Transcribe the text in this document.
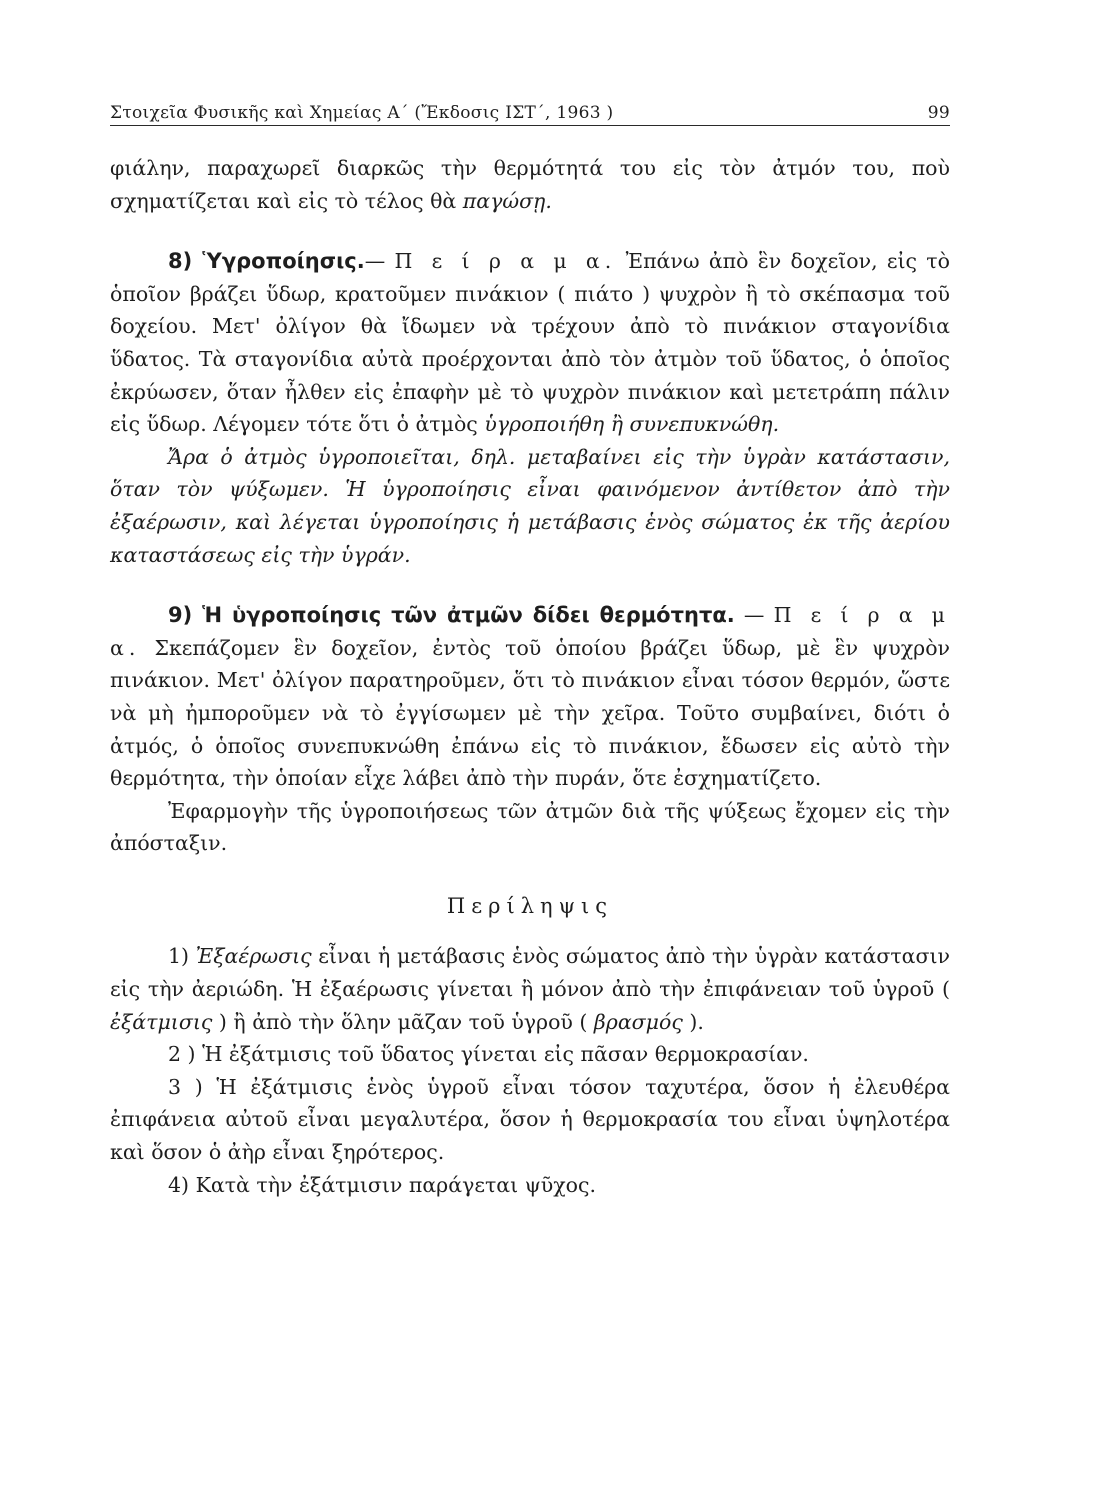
Στοιχεῖα Φυσικῆς καὶ Χημείας Α΄ (Ἔκδοσις ΙΣΤ΄, 1963 )	99

φιάλην, παραχωρεῖ διαρκῶς τὴν θερμότητά του εἰς τὸν ἀτμόν του, ποὺ σχηματίζεται καὶ εἰς τὸ τέλος θὰ παγώσῃ.

8) Ὑγροποίησις.— Π ε ί ρ α μ α. Ἐπάνω ἀπὸ ἓν δοχεῖον, εἰς τὸ ὁποῖον βράζει ὕδωρ, κρατοῦμεν πινάκιον ( πιάτο ) ψυχρὸν ἢ τὸ σκέπασμα τοῦ δοχείου. Μετ' ὀλίγον θὰ ἴδωμεν νὰ τρέχουν ἀπὸ τὸ πινάκιον σταγονίδια ὕδατος. Τὰ σταγονίδια αὐτὰ προέρχονται ἀπὸ τὸν ἀτμὸν τοῦ ὕδατος, ὁ ὁποῖος ἐκρύωσεν, ὅταν ἦλθεν εἰς ἐπαφὴν μὲ τὸ ψυχρὸν πινάκιον καὶ μετετράπη πάλιν εἰς ὕδωρ. Λέγομεν τότε ὅτι ὁ ἀτμὸς ὑγροποιήθη ἢ συνεπυκνώθη.

Ἄρα ὁ ἀτμὸς ὑγροποιεῖται, δηλ. μεταβαίνει εἰς τὴν ὑγρὰν κατάστασιν, ὅταν τὸν ψύξωμεν. Ἡ ὑγροποίησις εἶναι φαινόμενον ἀντίθετον ἀπὸ τὴν ἐξαέρωσιν, καὶ λέγεται ὑγροποίησις ἡ μετάβασις ἑνὸς σώματος ἐκ τῆς ἀερίου καταστάσεως εἰς τὴν ὑγράν.

9) Ἡ ὑγροποίησις τῶν ἀτμῶν δίδει θερμότητα. — Π ε ί ρ α μ α. Σκεπάζομεν ἓν δοχεῖον, ἐντὸς τοῦ ὁποίου βράζει ὕδωρ, μὲ ἓν ψυχρὸν πινάκιον. Μετ' ὀλίγον παρατηροῦμεν, ὅτι τὸ πινάκιον εἶναι τόσον θερμόν, ὥστε νὰ μὴ ἠμποροῦμεν νὰ τὸ ἐγγίσωμεν μὲ τὴν χεῖρα. Τοῦτο συμβαίνει, διότι ὁ ἀτμός, ὁ ὁποῖος συνεπυκνώθη ἐπάνω εἰς τὸ πινάκιον, ἔδωσεν εἰς αὐτὸ τὴν θερμότητα, τὴν ὁποίαν εἶχε λάβει ἀπὸ τὴν πυράν, ὅτε ἐσχηματίζετο.

Ἐφαρμογὴν τῆς ὑγροποιήσεως τῶν ἀτμῶν διὰ τῆς ψύξεως ἔχομεν εἰς τὴν ἀπόσταξιν.

Περίληψις

1) Ἐξαέρωσις εἶναι ἡ μετάβασις ἑνὸς σώματος ἀπὸ τὴν ὑγρὰν κατάστασιν εἰς τὴν ἀεριώδη. Ἡ ἐξαέρωσις γίνεται ἢ μόνον ἀπὸ τὴν ἐπιφάνειαν τοῦ ὑγροῦ ( ἐξάτμισις ) ἢ ἀπὸ τὴν ὅλην μᾶζαν τοῦ ὑγροῦ ( βρασμός ).

2 ) Ἡ ἐξάτμισις τοῦ ὕδατος γίνεται εἰς πᾶσαν θερμοκρασίαν.

3 ) Ἡ ἐξάτμισις ἑνὸς ὑγροῦ εἶναι τόσον ταχυτέρα, ὅσον ἡ ἐλευθέρα ἐπιφάνεια αὐτοῦ εἶναι μεγαλυτέρα, ὅσον ἡ θερμοκρασία του εἶναι ὑψηλοτέρα καὶ ὅσον ὁ ἀὴρ εἶναι ξηρότερος.

4) Κατὰ τὴν ἐξάτμισιν παράγεται ψῦχος.
